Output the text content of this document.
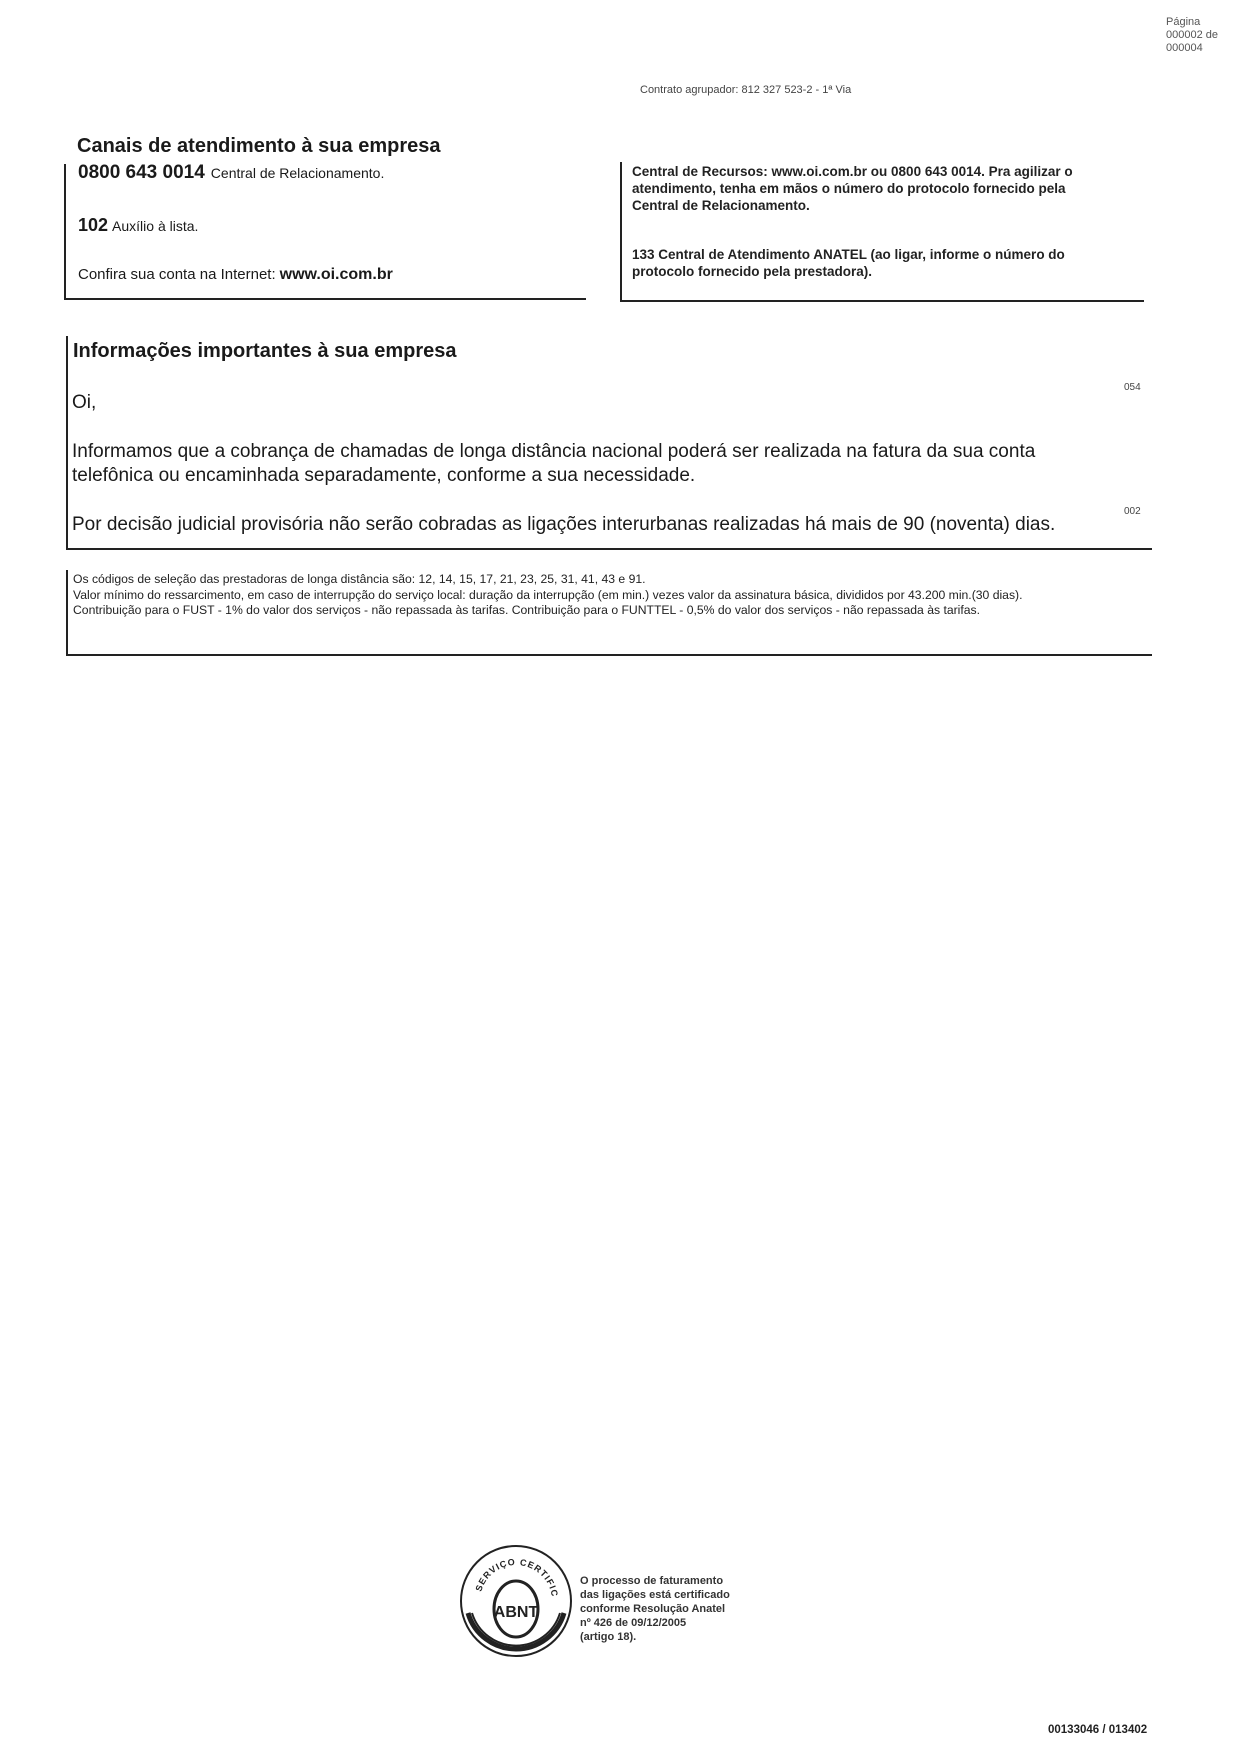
Página
000002 de
000004
Contrato agrupador: 812 327 523-2 - 1ª Via
Canais de atendimento à sua empresa
0800 643 0014 Central de Relacionamento.
102 Auxílio à lista.
Confira sua conta na Internet: www.oi.com.br
Central de Recursos: www.oi.com.br ou 0800 643 0014. Pra agilizar o atendimento, tenha em mãos o número do protocolo fornecido pela Central de Relacionamento.
133 Central de Atendimento ANATEL (ao ligar, informe o número do protocolo fornecido pela prestadora).
Informações importantes à sua empresa
Oi,
Informamos que a cobrança de chamadas de longa distância nacional poderá ser realizada na fatura da sua conta telefônica ou encaminhada separadamente, conforme a sua necessidade.
Por decisão judicial provisória não serão cobradas as ligações interurbanas realizadas há mais de 90 (noventa) dias.
054
002
Os códigos de seleção das prestadoras de longa distância são: 12, 14, 15, 17, 21, 23, 25, 31, 41, 43 e 91.
Valor mínimo do ressarcimento, em caso de interrupção do serviço local: duração da interrupção (em min.) vezes valor da assinatura básica, divididos por 43.200 min.(30 dias).
Contribuição para o FUST - 1% do valor dos serviços - não repassada às tarifas. Contribuição para o FUNTTEL - 0,5% do valor dos serviços - não repassada às tarifas.
SERVIÇO CERTIFIC
ABNT
O processo de faturamento
das ligações está certificado
conforme Resolução Anatel
nº 426 de 09/12/2005
(artigo 18).
00133046 / 013402
